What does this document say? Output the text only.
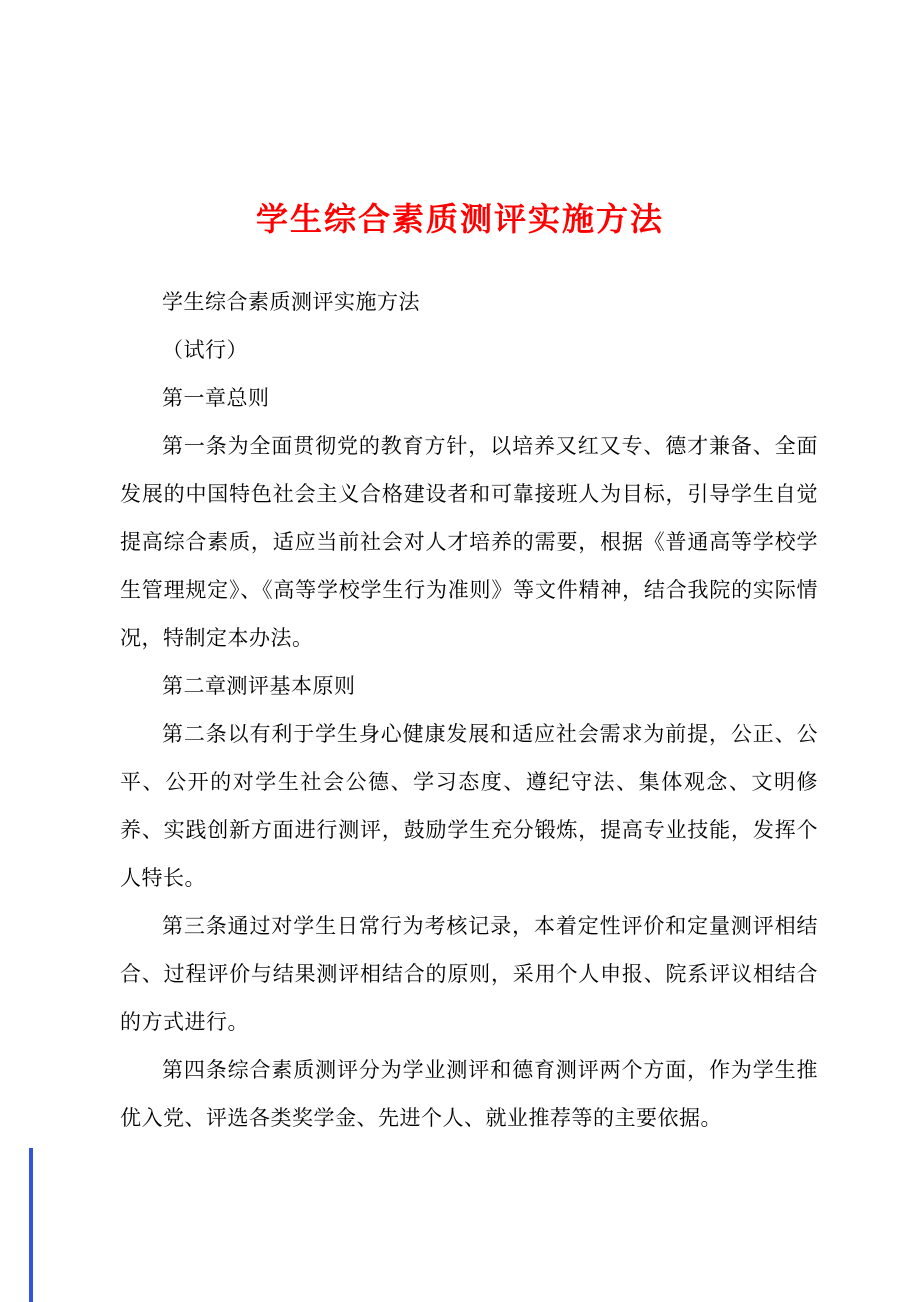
学生综合素质测评实施方法

学生综合素质测评实施方法

（试行）

第一章总则

第一条为全面贯彻党的教育方针，以培养又红又专、德才兼备、全面发展的中国特色社会主义合格建设者和可靠接班人为目标，引导学生自觉提高综合素质，适应当前社会对人才培养的需要，根据《普通高等学校学生管理规定》、《高等学校学生行为准则》等文件精神，结合我院的实际情况，特制定本办法。

第二章测评基本原则

第二条以有利于学生身心健康发展和适应社会需求为前提，公正、公平、公开的对学生社会公德、学习态度、遵纪守法、集体观念、文明修养、实践创新方面进行测评，鼓励学生充分锻炼，提高专业技能，发挥个人特长。

第三条通过对学生日常行为考核记录，本着定性评价和定量测评相结合、过程评价与结果测评相结合的原则，采用个人申报、院系评议相结合的方式进行。

第四条综合素质测评分为学业测评和德育测评两个方面，作为学生推优入党、评选各类奖学金、先进个人、就业推荐等的主要依据。
